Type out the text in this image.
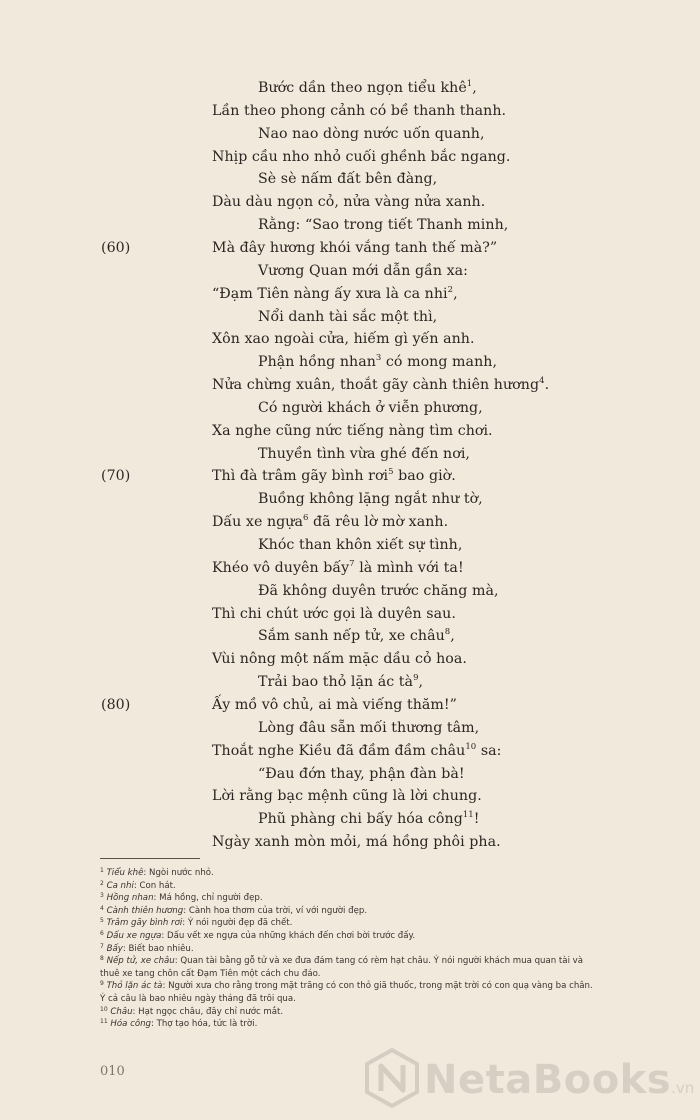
Bước dần theo ngọn tiểu khê$^1$,
Lần theo phong cảnh có bề thanh thanh.
Nao nao dòng nước uốn quanh,
Nhịp cầu nho nhỏ cuối ghềnh bắc ngang.
Sè sè nấm đất bên đàng,
Dàu dàu ngọn cỏ, nửa vàng nửa xanh.
Rằng: “Sao trong tiết Thanh minh,
(60)	Mà đây hương khói vắng tanh thế mà?”
Vương Quan mới dẫn gần xa:
“Đạm Tiên nàng ấy xưa là ca nhi$^2$,
Nổi danh tài sắc một thì,
Xôn xao ngoài cửa, hiếm gì yến anh.
Phận hồng nhan$^3$ có mong manh,
Nửa chừng xuân, thoắt gãy cành thiên hương$^4$.
Có người khách ở viễn phương,
Xa nghe cũng nức tiếng nàng tìm chơi.
Thuyền tình vừa ghé đến nơi,
(70)	Thì đà trâm gãy bình rơi$^5$ bao giờ.
Buồng không lặng ngắt như tờ,
Dấu xe ngựa$^6$ đã rêu lờ mờ xanh.
Khóc than khôn xiết sự tình,
Khéo vô duyên bấy$^7$ là mình với ta!
Đã không duyên trước chăng mà,
Thì chi chút ước gọi là duyên sau.
Sắm sanh nếp tử, xe châu$^8$,
Vùi nông một nấm mặc dầu cỏ hoa.
Trải bao thỏ lặn ác $tà^9$,
(80)	Ấy mồ vô chủ, ai mà viếng thăm!”
Lòng đâu sẵn mối thương tâm,
Thoắt nghe Kiều đã đầm đầm châu$^{10}$ sa:
“Đau đớn thay, phận đàn bà!
Lời rằng bạc mệnh cũng là lời chung.
Phũ phàng chi bấy hóa công$^{11}$!
Ngày xanh mòn mỏi, má hồng phôi pha.
$^1$ Tiểu khê: Ngòi nước nhỏ.
$^2$ Ca nhi: Con hát.
$^3$ Hồng nhan: Má hồng, chỉ người đẹp.
$^4$ Cành thiên hương: Cành hoa thơm của trời, ví với người đẹp.
$^5$ Trâm gãy bình rơi: Ý nói người đẹp đã chết.
$^6$ Dấu xe ngựa: Dấu vết xe ngựa của những khách đến chơi bời trước đấy.
$^7$ Bấy: Biết bao nhiêu.
$^8$ Nếp tử, xe châu: Quan tài bằng gỗ tử và xe đưa đám tang có rèm hạt châu. Ý nói người khách mua quan tài và thuê xe tang chôn cất Đạm Tiên một cách chu đáo.
$^9$ Thỏ lặn ác tà: Người xưa cho rằng trong mặt trăng có con thỏ giã thuốc, trong mặt trời có con quạ vàng ba chân. Ý cả câu là bao nhiêu ngày tháng đã trôi qua.
$^{10}$ Châu: Hạt ngọc châu, đây chỉ nước mắt.
$^{11}$ Hóa công: Thợ tạo hóa, tức là trời.
010	NetaBooks.vn
